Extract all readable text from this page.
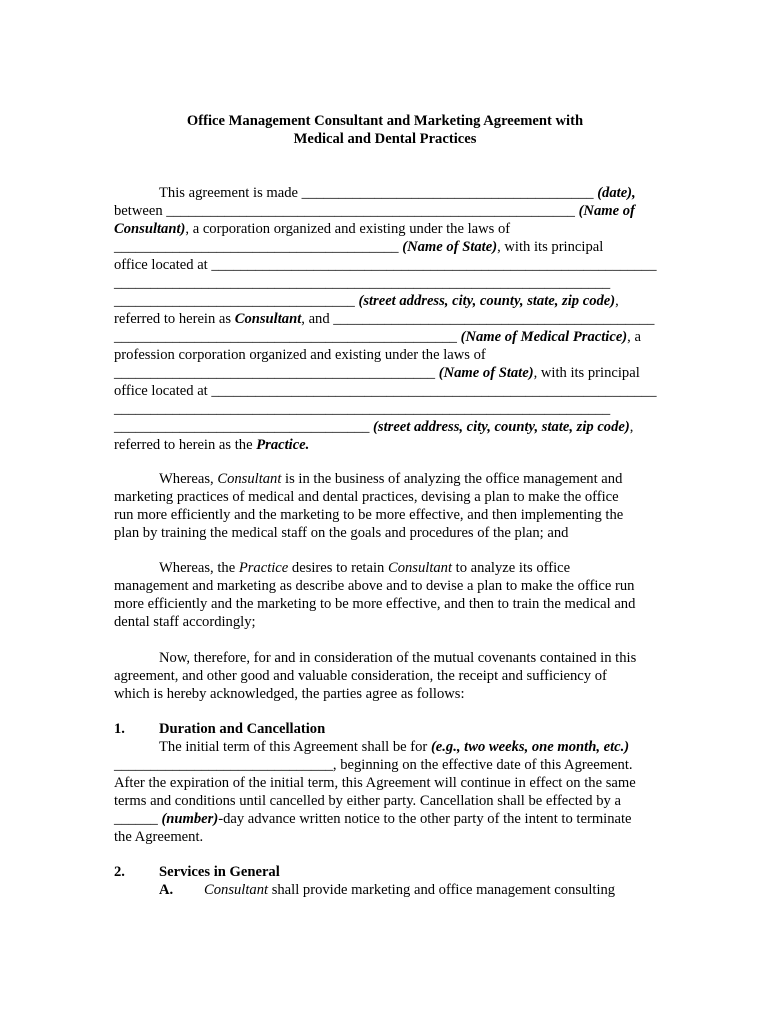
Office Management Consultant and Marketing Agreement with
Medical and Dental Practices
This agreement is made ________________________________________ (date),
between ________________________________________________________ (Name of
Consultant), a corporation organized and existing under the laws of
_______________________________________ (Name of State), with its principal
office located at _____________________________________________________________
____________________________________________________________________
_________________________________ (street address, city, county, state, zip code),
referred to herein as Consultant, and ____________________________________________
_______________________________________________ (Name of Medical Practice), a
profession corporation organized and existing under the laws of
____________________________________________ (Name of State), with its principal
office located at _____________________________________________________________
____________________________________________________________________
___________________________________ (street address, city, county, state, zip code),
referred to herein as the Practice.
Whereas, Consultant is in the business of analyzing the office management and
marketing practices of medical and dental practices, devising a plan to make the office
run more efficiently and the marketing to be more effective, and then implementing the
plan by training the medical staff on the goals and procedures of the plan; and
Whereas, the Practice desires to retain Consultant to analyze its office
management and marketing as describe above and to devise a plan to make the office run
more efficiently and the marketing to be more effective, and then to train the medical and
dental staff accordingly;
Now, therefore, for and in consideration of the mutual covenants contained in this
agreement, and other good and valuable consideration, the receipt and sufficiency of
which is hereby acknowledged, the parties agree as follows:
1. Duration and Cancellation
The initial term of this Agreement shall be for (e.g., two weeks, one month, etc.)
______________________________, beginning on the effective date of this Agreement.
After the expiration of the initial term, this Agreement will continue in effect on the same
terms and conditions until cancelled by either party. Cancellation shall be effected by a
______ (number)-day advance written notice to the other party of the intent to terminate
the Agreement.
2. Services in General
A. Consultant shall provide marketing and office management consulting
